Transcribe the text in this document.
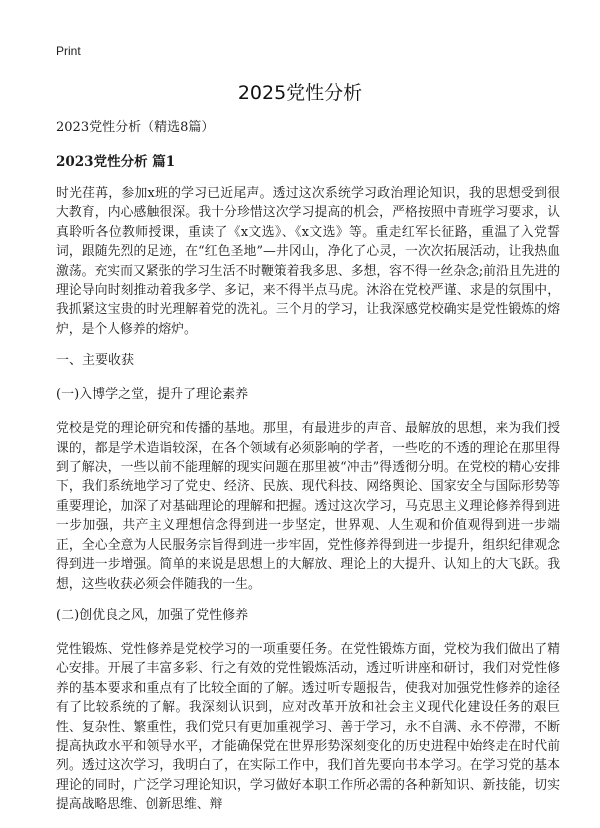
Print

2025党性分析

2023党性分析（精选8篇）

2023党性分析 篇1

时光荏苒，参加x班的学习已近尾声。透过这次系统学习政治理论知识，我的思想受到很大教育，内心感触很深。我十分珍惜这次学习提高的机会，严格按照中青班学习要求，认真聆听各位教师授课，重读了《x文选》、《x文选》等。重走红军长征路，重温了入党誓词，跟随先烈的足迹，在“红色圣地”—井冈山，净化了心灵，一次次拓展活动，让我热血激荡。充实而又紧张的学习生活不时鞭策着我多思、多想，容不得一丝杂念;前沿且先进的理论导向时刻推动着我多学、多记，来不得半点马虎。沐浴在党校严谨、求是的氛围中，我抓紧这宝贵的时光理解着党的洗礼。三个月的学习，让我深感党校确实是党性锻炼的熔炉，是个人修养的熔炉。

一、主要收获

(一)入博学之堂，提升了理论素养

党校是党的理论研究和传播的基地。那里，有最进步的声音、最解放的思想，来为我们授课的，都是学术造诣较深，在各个领域有必须影响的学者，一些吃的不透的理论在那里得到了解决，一些以前不能理解的现实问题在那里被“冲击”得透彻分明。在党校的精心安排下，我们系统地学习了党史、经济、民族、现代科技、网络舆论、国家安全与国际形势等重要理论，加深了对基础理论的理解和把握。透过这次学习，马克思主义理论修养得到进一步加强，共产主义理想信念得到进一步坚定，世界观、人生观和价值观得到进一步端正，全心全意为人民服务宗旨得到进一步牢固，党性修养得到进一步提升，组织纪律观念得到进一步增强。简单的来说是思想上的大解放、理论上的大提升、认知上的大飞跃。我想，这些收获必须会伴随我的一生。

(二)创优良之风，加强了党性修养

党性锻炼、党性修养是党校学习的一项重要任务。在党性锻炼方面，党校为我们做出了精心安排。开展了丰富多彩、行之有效的党性锻炼活动，透过听讲座和研讨，我们对党性修养的基本要求和重点有了比较全面的了解。透过听专题报告，使我对加强党性修养的途径有了比较系统的了解。我深刻认识到，应对改革开放和社会主义现代化建设任务的艰巨性、复杂性、繁重性，我们党只有更加重视学习、善于学习，永不自满、永不停滞，不断提高执政水平和领导水平，才能确保党在世界形势深刻变化的历史进程中始终走在时代前列。透过这次学习，我明白了，在实际工作中，我们首先要向书本学习。在学习党的基本理论的同时，广泛学习理论知识，学习做好本职工作所必需的各种新知识、新技能，切实提高战略思维、创新思维、辩
